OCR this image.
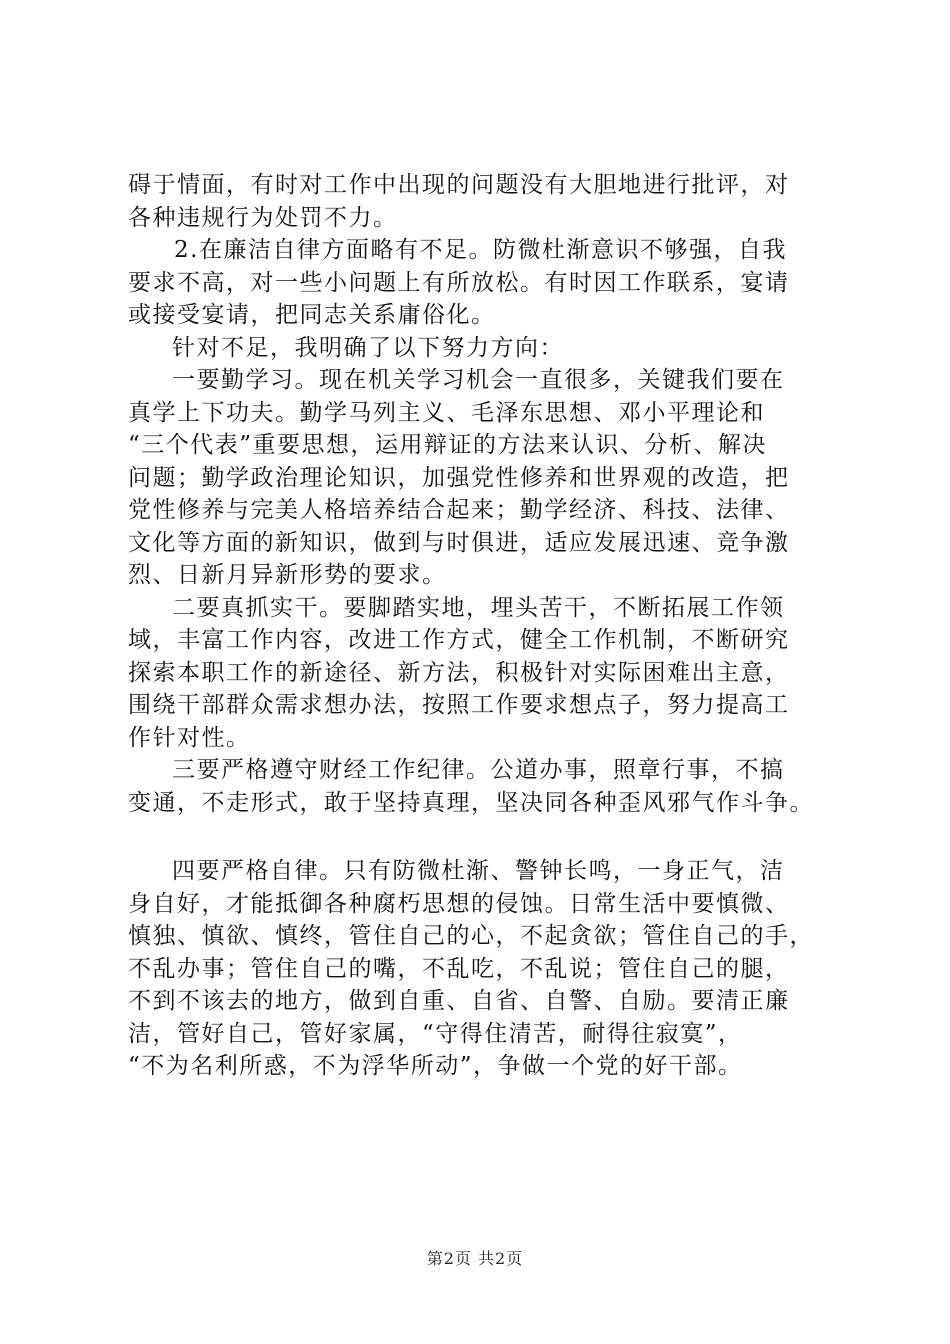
碍于情面，有时对工作中出现的问题没有大胆地进行批评，对
各种违规行为处罚不力。
2.在廉洁自律方面略有不足。防微杜渐意识不够强，自我
要求不高，对一些小问题上有所放松。有时因工作联系，宴请
或接受宴请，把同志关系庸俗化。
针对不足，我明确了以下努力方向：
一要勤学习。现在机关学习机会一直很多，关键我们要在
真学上下功夫。勤学马列主义、毛泽东思想、邓小平理论和
“三个代表”重要思想，运用辩证的方法来认识、分析、解决
问题；勤学政治理论知识，加强党性修养和世界观的改造，把
党性修养与完美人格培养结合起来；勤学经济、科技、法律、
文化等方面的新知识，做到与时俱进，适应发展迅速、竞争激
烈、日新月异新形势的要求。
二要真抓实干。要脚踏实地，埋头苦干，不断拓展工作领
域，丰富工作内容，改进工作方式，健全工作机制，不断研究
探索本职工作的新途径、新方法，积极针对实际困难出主意，
围绕干部群众需求想办法，按照工作要求想点子，努力提高工
作针对性。
三要严格遵守财经工作纪律。公道办事，照章行事，不搞
变通，不走形式，敢于坚持真理，坚决同各种歪风邪气作斗争。
四要严格自律。只有防微杜渐、警钟长鸣，一身正气，洁
身自好，才能抵御各种腐朽思想的侵蚀。日常生活中要慎微、
慎独、慎欲、慎终，管住自己的心，不起贪欲；管住自己的手，
不乱办事；管住自己的嘴，不乱吃，不乱说；管住自己的腿，
不到不该去的地方，做到自重、自省、自警、自励。要清正廉
洁，管好自己，管好家属，“守得住清苦，耐得往寂寞”，
“不为名利所惑，不为浮华所动”，争做一个党的好干部。
第2页 共2页
